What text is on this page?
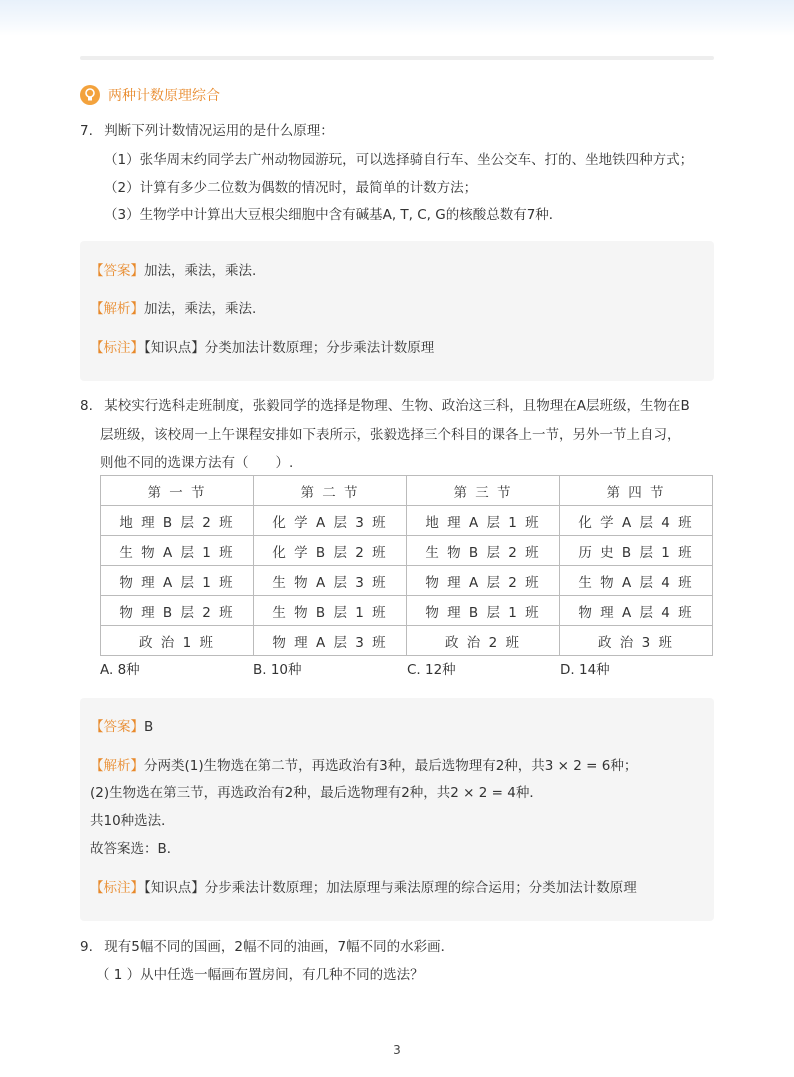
两种计数原理综合
7. 判断下列计数情况运用的是什么原理：
（1）张华周末约同学去广州动物园游玩，可以选择骑自行车、坐公交车、打的、坐地铁四种方式；
（2）计算有多少二位数为偶数的情况时，最简单的计数方法；
（3）生物学中计算出大豆根尖细胞中含有碱基A, T, C, G的核酸总数有7种．
【答案】加法，乘法，乘法.
【解析】加法，乘法，乘法.
【标注】【知识点】分类加法计数原理；分步乘法计数原理
8. 某校实行选科走班制度，张毅同学的选择是物理、生物、政治这三科，且物理在A层班级，生物在B
层班级，该校周一上午课程安排如下表所示，张毅选择三个科目的课各上一节，另外一节上自习，
则他不同的选课方法有（　　）.
第 一 节	第 二 节	第 三 节	第 四 节
地 理 B 层 2 班	化 学 A 层 3 班	地 理 A 层 1 班	化 学 A 层 4 班
生 物 A 层 1 班	化 学 B 层 2 班	生 物 B 层 2 班	历 史 B 层 1 班
物 理 A 层 1 班	生 物 A 层 3 班	物 理 A 层 2 班	生 物 A 层 4 班
物 理 B 层 2 班	生 物 B 层 1 班	物 理 B 层 1 班	物 理 A 层 4 班
政 治 1 班	物 理 A 层 3 班	政 治 2 班	政 治 3 班
A. 8种	B. 10种	C. 12种	D. 14种
【答案】B
【解析】分两类(1)生物选在第二节，再选政治有3种，最后选物理有2种，共3 × 2 = 6种；
(2)生物选在第三节，再选政治有2种，最后选物理有2种，共2 × 2 = 4种．
共10种选法．
故答案选：B．
【标注】【知识点】分步乘法计数原理；加法原理与乘法原理的综合运用；分类加法计数原理
9. 现有5幅不同的国画，2幅不同的油画，7幅不同的水彩画．
（ 1 ）从中任选一幅画布置房间，有几种不同的选法？
3
